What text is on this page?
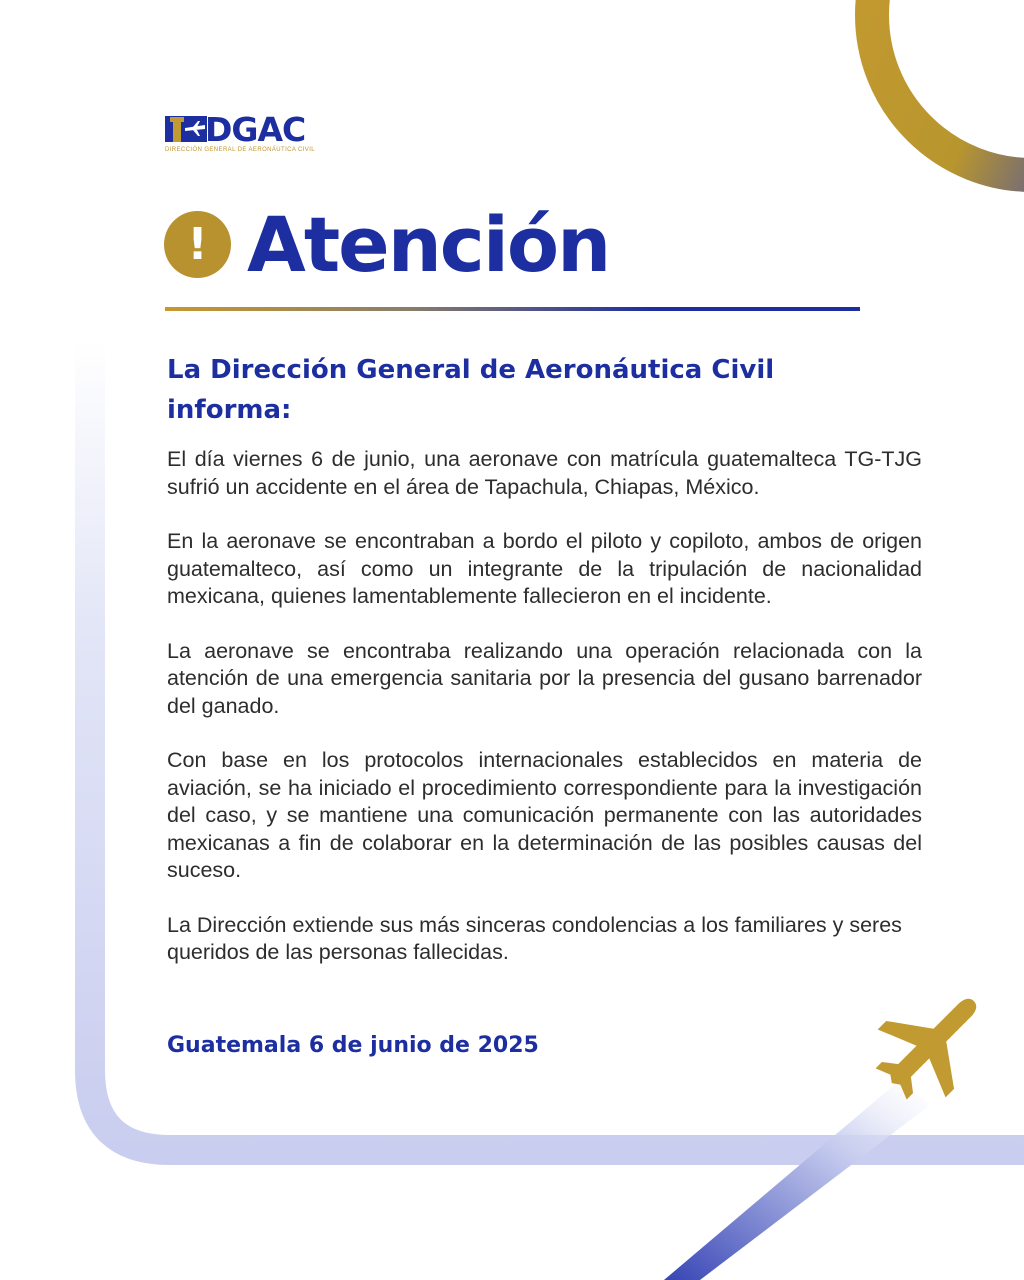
DGAC
DIRECCIÓN GENERAL DE AERONÁUTICA CIVIL
! Atención
La Dirección General de Aeronáutica Civil informa:

El día viernes 6 de junio, una aeronave con matrícula guatemalteca TG-TJG sufrió un accidente en el área de Tapachula, Chiapas, México.

En la aeronave se encontraban a bordo el piloto y copiloto, ambos de origen guatemalteco, así como un integrante de la tripulación de nacionalidad mexicana, quienes lamentablemente fallecieron en el incidente.

La aeronave se encontraba realizando una operación relacionada con la atención de una emergencia sanitaria por la presencia del gusano barrenador del ganado.

Con base en los protocolos internacionales establecidos en materia de aviación, se ha iniciado el procedimiento correspondiente para la investigación del caso, y se mantiene una comunicación permanente con las autoridades mexicanas a fin de colaborar en la determinación de las posibles causas del suceso.

La Dirección extiende sus más sinceras condolencias a los familiares y seres queridos de las personas fallecidas.

Guatemala 6 de junio de 2025
